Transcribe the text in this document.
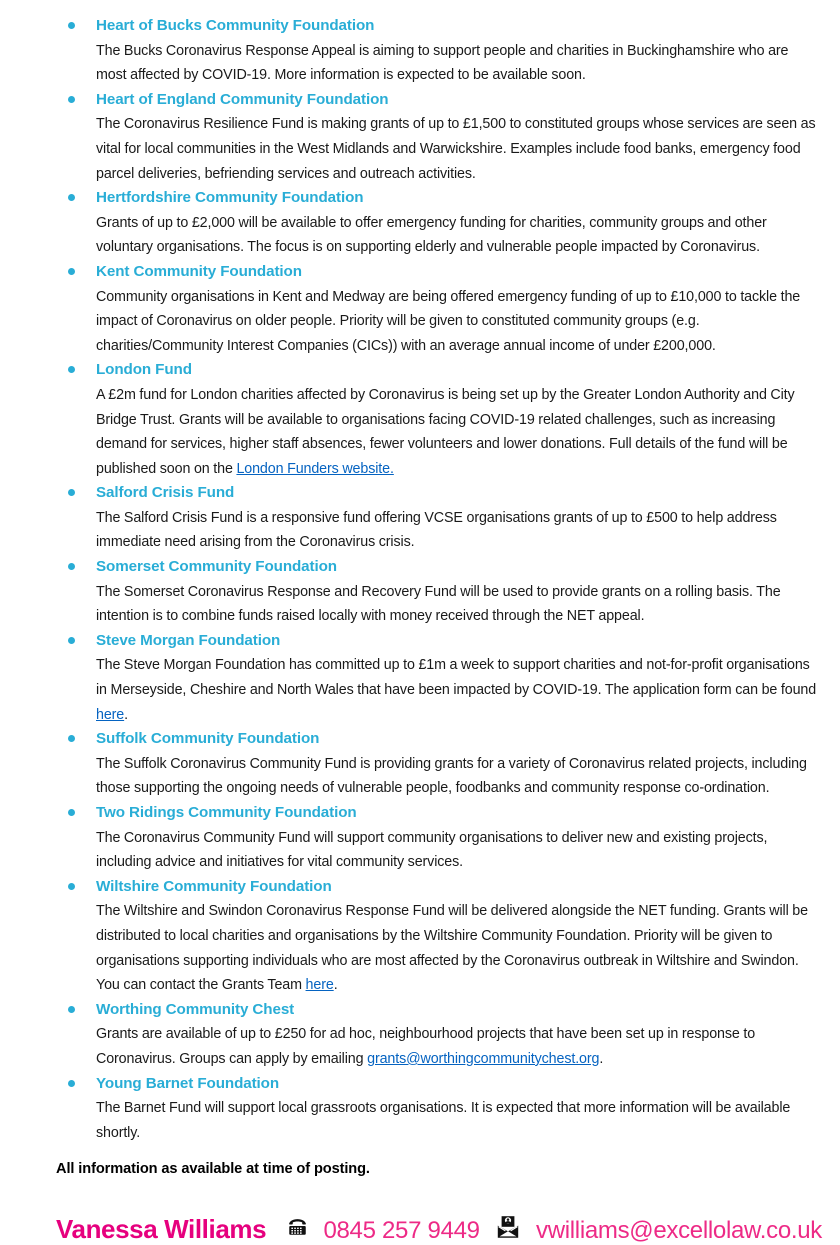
Heart of Bucks Community Foundation
The Bucks Coronavirus Response Appeal is aiming to support people and charities in Buckinghamshire who are most affected by COVID-19. More information is expected to be available soon.
Heart of England Community Foundation
The Coronavirus Resilience Fund is making grants of up to £1,500 to constituted groups whose services are seen as vital for local communities in the West Midlands and Warwickshire. Examples include food banks, emergency food parcel deliveries, befriending services and outreach activities.
Hertfordshire Community Foundation
Grants of up to £2,000 will be available to offer emergency funding for charities, community groups and other voluntary organisations. The focus is on supporting elderly and vulnerable people impacted by Coronavirus.
Kent Community Foundation
Community organisations in Kent and Medway are being offered emergency funding of up to £10,000 to tackle the impact of Coronavirus on older people. Priority will be given to constituted community groups (e.g. charities/Community Interest Companies (CICs)) with an average annual income of under £200,000.
London Fund
A £2m fund for London charities affected by Coronavirus is being set up by the Greater London Authority and City Bridge Trust. Grants will be available to organisations facing COVID-19 related challenges, such as increasing demand for services, higher staff absences, fewer volunteers and lower donations. Full details of the fund will be published soon on the London Funders website.
Salford Crisis Fund
The Salford Crisis Fund is a responsive fund offering VCSE organisations grants of up to £500 to help address immediate need arising from the Coronavirus crisis.
Somerset Community Foundation
The Somerset Coronavirus Response and Recovery Fund will be used to provide grants on a rolling basis. The intention is to combine funds raised locally with money received through the NET appeal.
Steve Morgan Foundation
The Steve Morgan Foundation has committed up to £1m a week to support charities and not-for-profit organisations in Merseyside, Cheshire and North Wales that have been impacted by COVID-19. The application form can be found here.
Suffolk Community Foundation
The Suffolk Coronavirus Community Fund is providing grants for a variety of Coronavirus related projects, including those supporting the ongoing needs of vulnerable people, foodbanks and community response co-ordination.
Two Ridings Community Foundation
The Coronavirus Community Fund will support community organisations to deliver new and existing projects, including advice and initiatives for vital community services.
Wiltshire Community Foundation
The Wiltshire and Swindon Coronavirus Response Fund will be delivered alongside the NET funding. Grants will be distributed to local charities and organisations by the Wiltshire Community Foundation. Priority will be given to organisations supporting individuals who are most affected by the Coronavirus outbreak in Wiltshire and Swindon. You can contact the Grants Team here.
Worthing Community Chest
Grants are available of up to £250 for ad hoc, neighbourhood projects that have been set up in response to Coronavirus. Groups can apply by emailing grants@worthingcommunitychest.org.
Young Barnet Foundation
The Barnet Fund will support local grassroots organisations. It is expected that more information will be available shortly.
All information as available at time of posting.
Vanessa Williams 0845 257 9449 vwilliams@excellolaw.co.uk
